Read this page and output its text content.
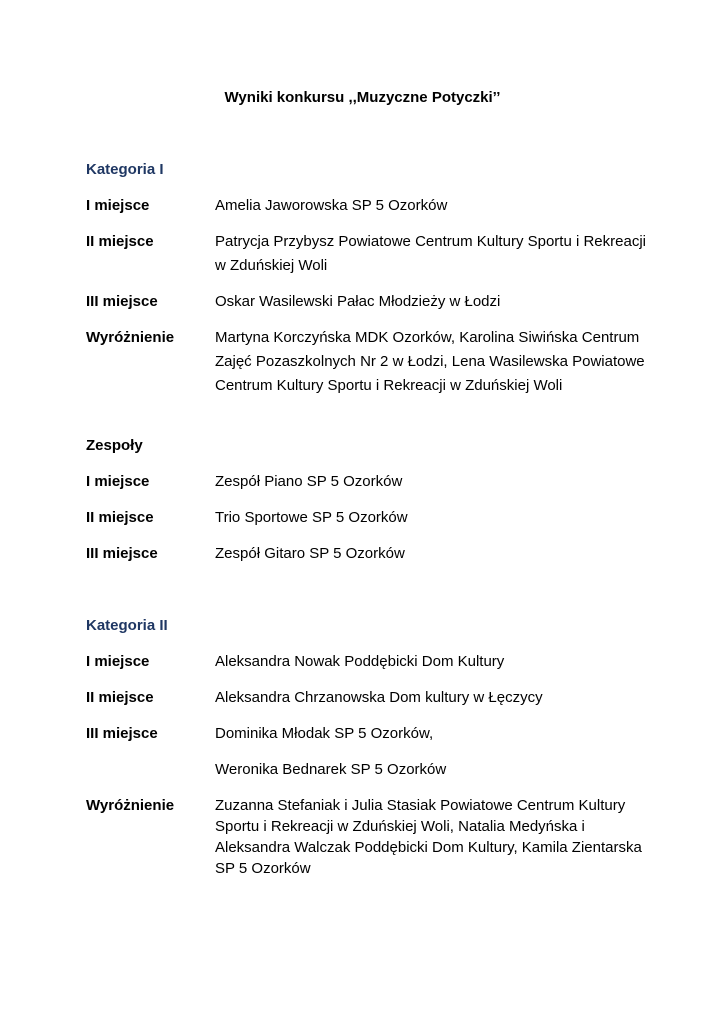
Wyniki konkursu ,,Muzyczne Potyczki’’
Kategoria I
I miejsce	Amelia Jaworowska SP 5 Ozorków
II miejsce	Patrycja Przybysz Powiatowe Centrum Kultury Sportu i Rekreacji w Zduńskiej Woli
III miejsce	Oskar Wasilewski Pałac Młodzieży w Łodzi
Wyróżnienie	Martyna Korczyńska MDK Ozorków, Karolina Siwińska Centrum Zajęć Pozaszkolnych Nr 2 w Łodzi, Lena Wasilewska Powiatowe Centrum Kultury Sportu i Rekreacji w Zduńskiej Woli
Zespoły
I miejsce	Zespół Piano SP 5 Ozorków
II miejsce	Trio Sportowe SP 5 Ozorków
III miejsce	Zespół Gitaro SP 5 Ozorków
Kategoria II
I miejsce	Aleksandra Nowak Poddębicki Dom Kultury
II miejsce	Aleksandra Chrzanowska Dom kultury w Łęczycy
III miejsce	Dominika Młodak SP 5 Ozorków,
Weronika Bednarek SP 5 Ozorków
Wyróżnienie	Zuzanna Stefaniak i Julia Stasiak Powiatowe Centrum Kultury Sportu i Rekreacji w Zduńskiej Woli, Natalia Medyńska i Aleksandra Walczak Poddębicki Dom Kultury, Kamila Zientarska SP 5 Ozorków
